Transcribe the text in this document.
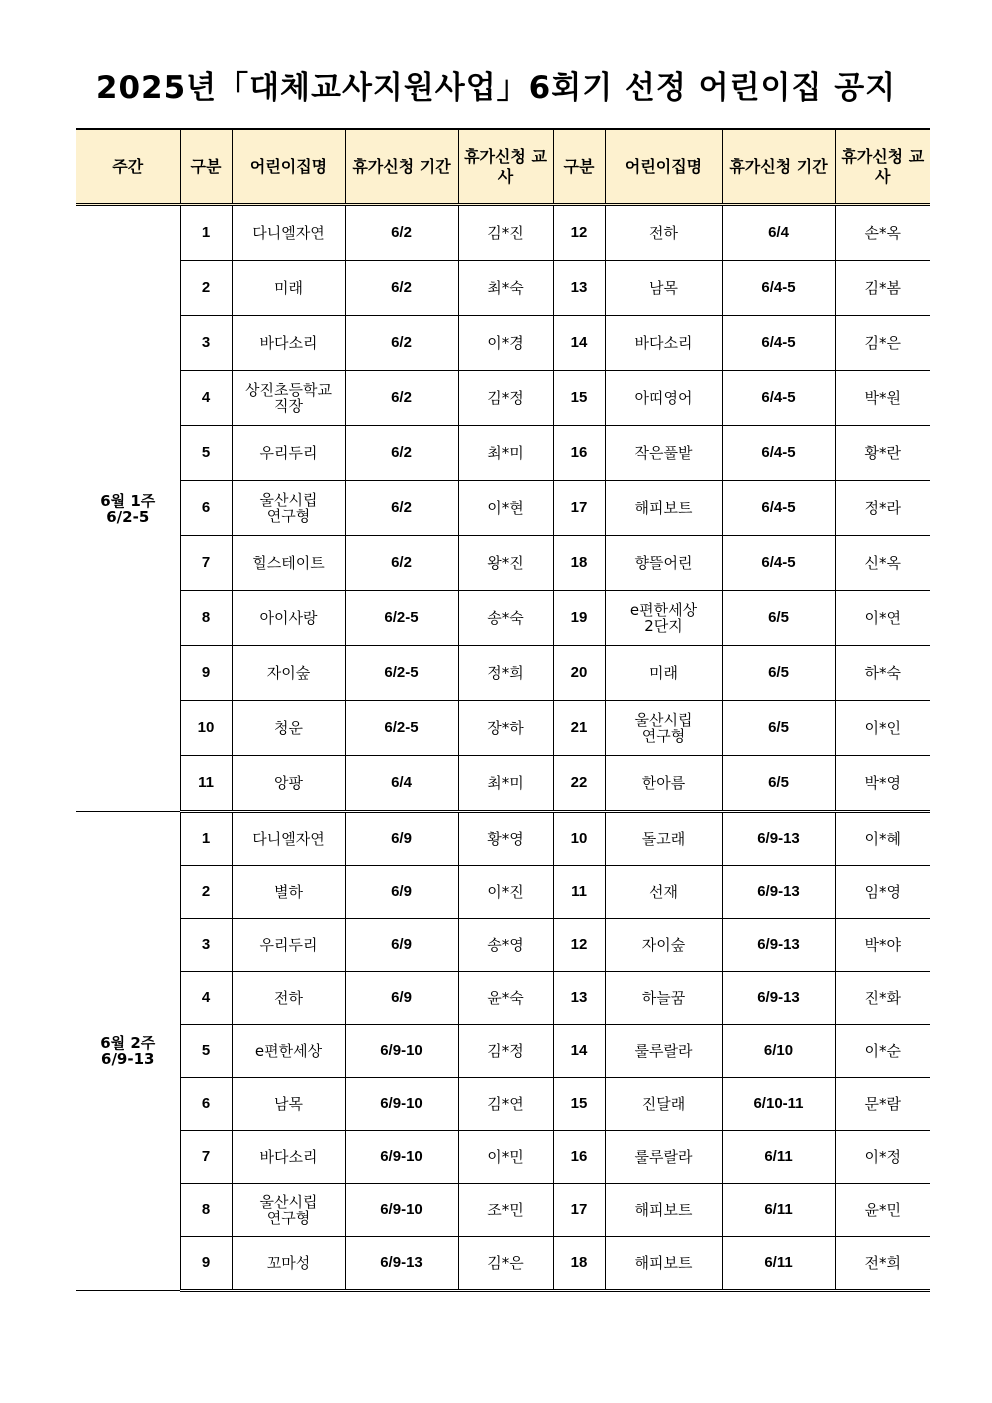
2025년「대체교사지원사업」6회기 선정 어린이집 공지
주간	구분	어린이집명	휴가신청 기간	휴가신청 교사	구분	어린이집명	휴가신청 기간	휴가신청 교사
6월 1주
6/2-5	1	다니엘자연	6/2	김*진	12	전하	6/4	손*옥
	2	미래	6/2	최*숙	13	남목	6/4-5	김*봄
	3	바다소리	6/2	이*경	14	바다소리	6/4-5	김*은
	4	상진초등학교
직장	6/2	김*정	15	아띠영어	6/4-5	박*원
	5	우리두리	6/2	최*미	16	작은풀밭	6/4-5	황*란
	6	울산시립
연구형	6/2	이*현	17	해피보트	6/4-5	정*라
	7	힐스테이트	6/2	왕*진	18	향뜰어린	6/4-5	신*옥
	8	아이사랑	6/2-5	송*숙	19	e편한세상
2단지	6/5	이*연
	9	자이숲	6/2-5	정*희	20	미래	6/5	하*숙
	10	청운	6/2-5	장*하	21	울산시립
연구형	6/5	이*인
	11	앙팡	6/4	최*미	22	한아름	6/5	박*영
6월 2주
6/9-13	1	다니엘자연	6/9	황*영	10	돌고래	6/9-13	이*혜
	2	별하	6/9	이*진	11	선재	6/9-13	임*영
	3	우리두리	6/9	송*영	12	자이숲	6/9-13	박*야
	4	전하	6/9	윤*숙	13	하늘꿈	6/9-13	진*화
	5	e편한세상	6/9-10	김*정	14	룰루랄라	6/10	이*순
	6	남목	6/9-10	김*연	15	진달래	6/10-11	문*람
	7	바다소리	6/9-10	이*민	16	룰루랄라	6/11	이*정
	8	울산시립
연구형	6/9-10	조*민	17	해피보트	6/11	윤*민
	9	꼬마성	6/9-13	김*은	18	해피보트	6/11	전*희
